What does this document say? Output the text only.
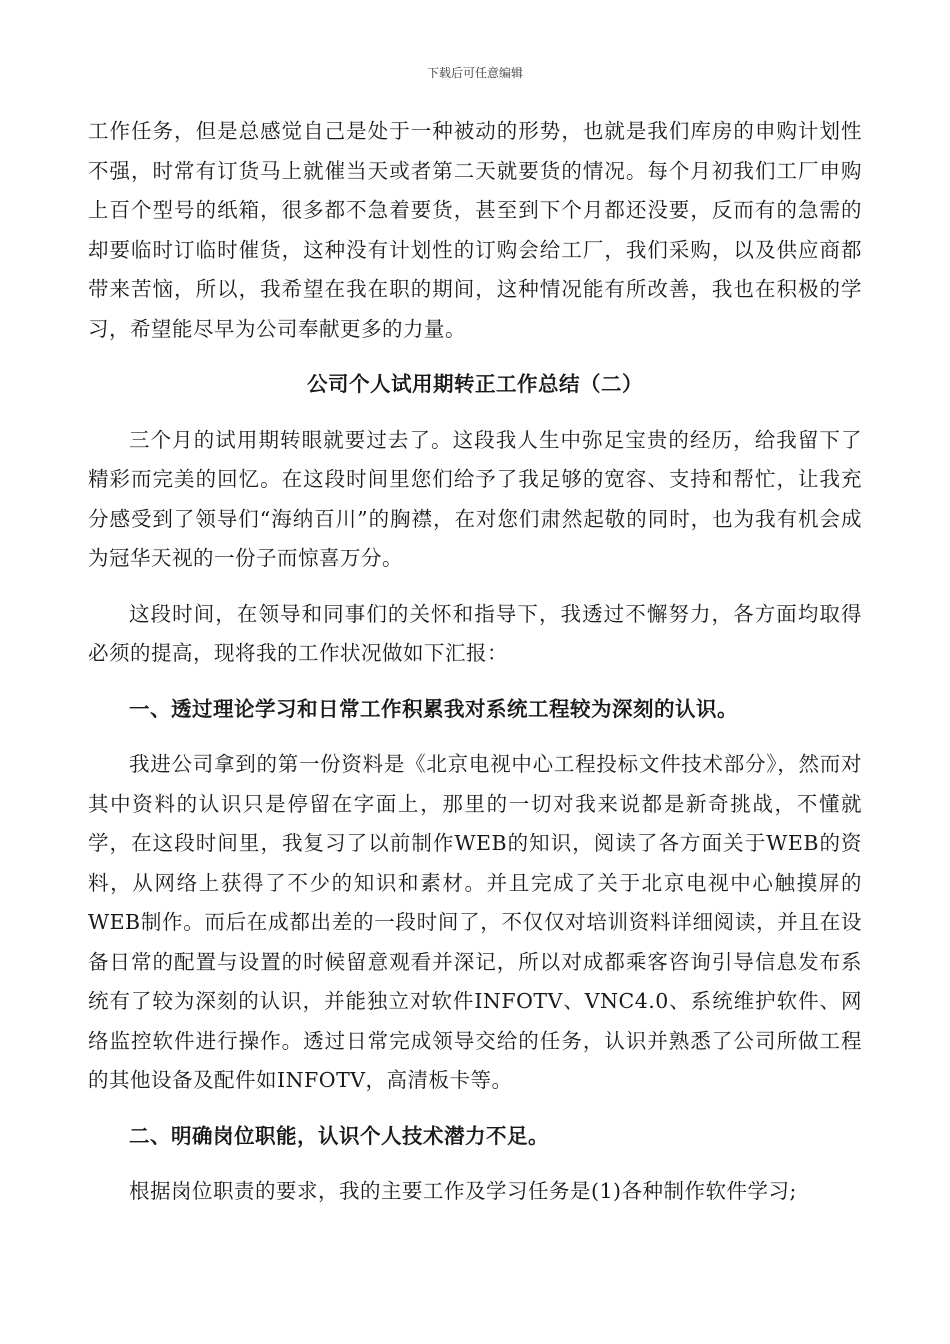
下载后可任意编辑

工作任务，但是总感觉自己是处于一种被动的形势，也就是我们库房的申购计划性不强，时常有订货马上就催当天或者第二天就要货的情况。每个月初我们工厂申购上百个型号的纸箱，很多都不急着要货，甚至到下个月都还没要，反而有的急需的却要临时订临时催货，这种没有计划性的订购会给工厂，我们采购，以及供应商都带来苦恼，所以，我希望在我在职的期间，这种情况能有所改善，我也在积极的学习，希望能尽早为公司奉献更多的力量。

公司个人试用期转正工作总结（二）

三个月的试用期转眼就要过去了。这段我人生中弥足宝贵的经历，给我留下了精彩而完美的回忆。在这段时间里您们给予了我足够的宽容、支持和帮忙，让我充分感受到了领导们“海纳百川”的胸襟，在对您们肃然起敬的同时，也为我有机会成为冠华天视的一份子而惊喜万分。

这段时间，在领导和同事们的关怀和指导下，我透过不懈努力，各方面均取得必须的提高，现将我的工作状况做如下汇报：

一、透过理论学习和日常工作积累我对系统工程较为深刻的认识。

我进公司拿到的第一份资料是《北京电视中心工程投标文件技术部分》，然而对其中资料的认识只是停留在字面上，那里的一切对我来说都是新奇挑战，不懂就学，在这段时间里，我复习了以前制作WEB的知识，阅读了各方面关于WEB的资料，从网络上获得了不少的知识和素材。并且完成了关于北京电视中心触摸屏的WEB制作。而后在成都出差的一段时间了，不仅仅对培训资料详细阅读，并且在设备日常的配置与设置的时候留意观看并深记，所以对成都乘客咨询引导信息发布系统有了较为深刻的认识，并能独立对软件INFOTV、VNC4.0、系统维护软件、网络监控软件进行操作。透过日常完成领导交给的任务，认识并熟悉了公司所做工程的其他设备及配件如INFOTV，高清板卡等。

二、明确岗位职能，认识个人技术潜力不足。

根据岗位职责的要求，我的主要工作及学习任务是(1)各种制作软件学习;
